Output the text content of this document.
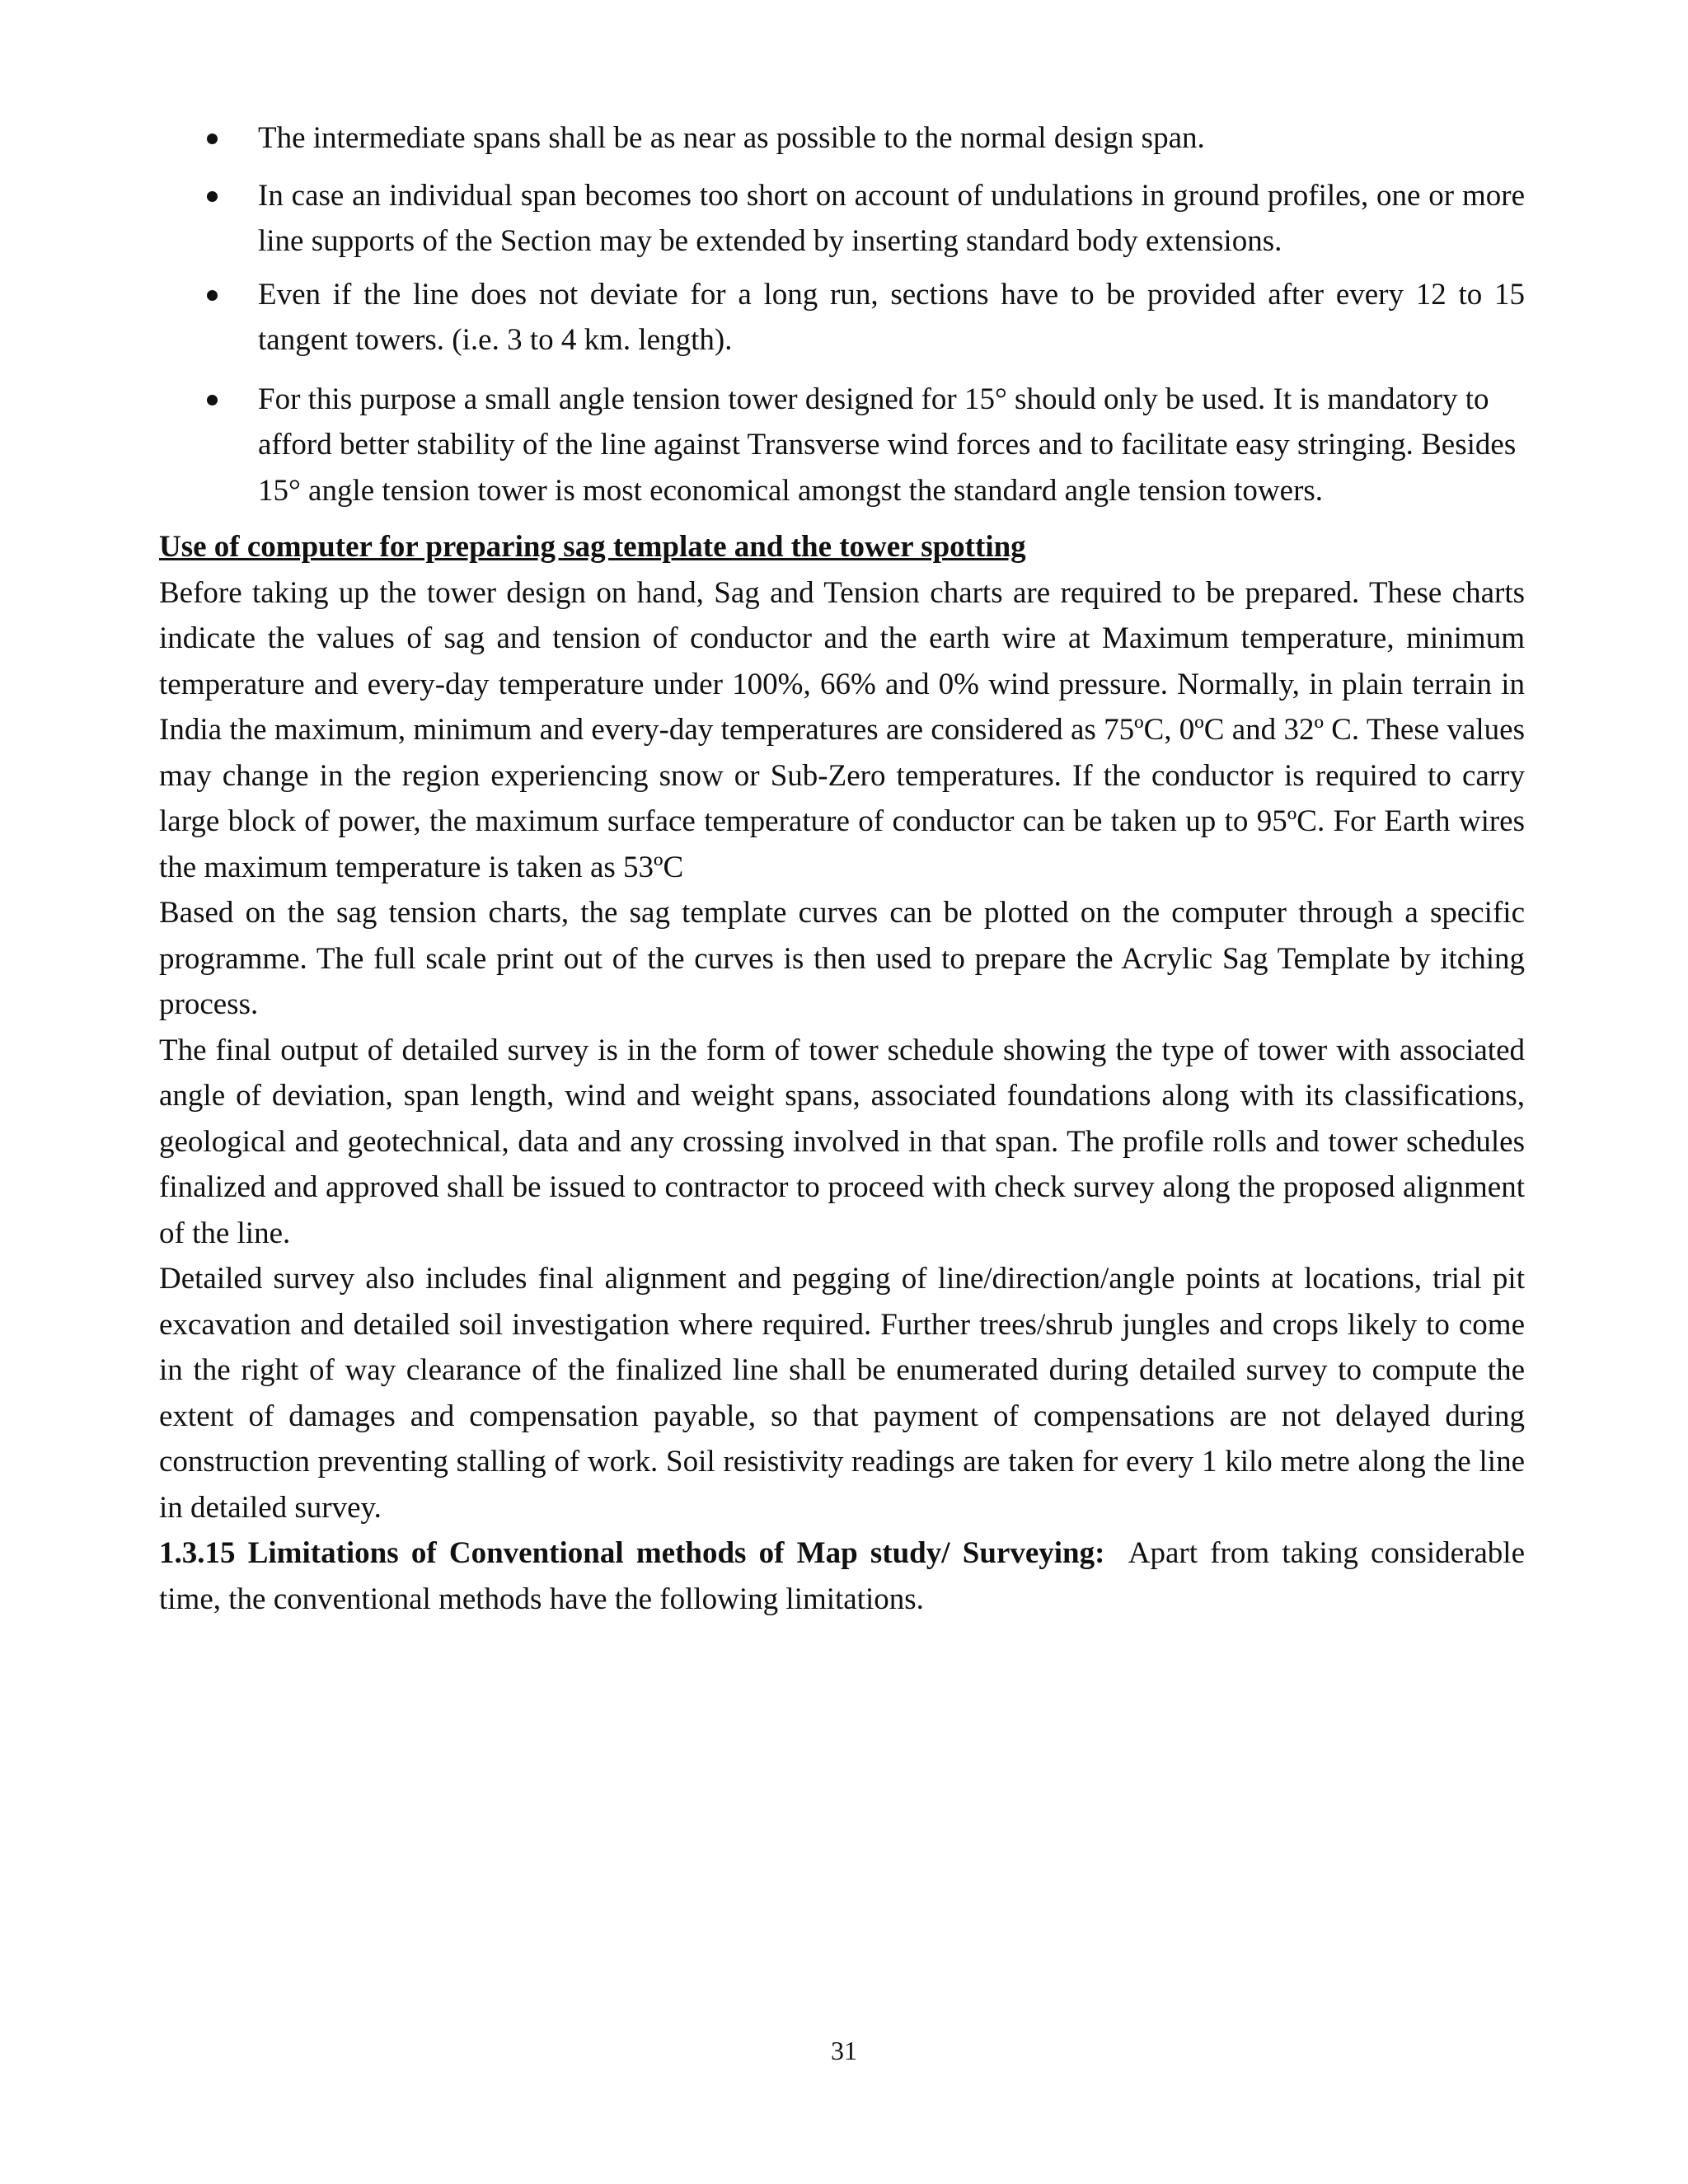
The intermediate spans shall be as near as possible to the normal design span.
In case an individual span becomes too short on account of undulations in ground profiles, one or more line supports of the Section may be extended by inserting standard body extensions.
Even if the line does not deviate for a long run, sections have to be provided after every 12 to 15 tangent towers. (i.e. 3 to 4 km. length).
For this purpose a small angle tension tower designed for 15° should only be used. It is mandatory to afford better stability of the line against Transverse wind forces and to facilitate easy stringing. Besides 15° angle tension tower is most economical amongst the standard angle tension towers.
Use of computer for preparing sag template and the tower spotting

Before taking up the tower design on hand, Sag and Tension charts are required to be prepared. These charts indicate the values of sag and tension of conductor and the earth wire at Maximum temperature, minimum temperature and every-day temperature under 100%, 66% and 0% wind pressure. Normally, in plain terrain in India the maximum, minimum and every-day temperatures are considered as 75ºC, 0ºC and 32º C. These values may change in the region experiencing snow or Sub-Zero temperatures. If the conductor is required to carry large block of power, the maximum surface temperature of conductor can be taken up to 95ºC. For Earth wires the maximum temperature is taken as 53ºC

Based on the sag tension charts, the sag template curves can be plotted on the computer through a specific programme. The full scale print out of the curves is then used to prepare the Acrylic Sag Template by itching process.

The final output of detailed survey is in the form of tower schedule showing the type of tower with associated angle of deviation, span length, wind and weight spans, associated foundations along with its classifications, geological and geotechnical, data and any crossing involved in that span. The profile rolls and tower schedules finalized and approved shall be issued to contractor to proceed with check survey along the proposed alignment of the line.

Detailed survey also includes final alignment and pegging of line/direction/angle points at locations, trial pit excavation and detailed soil investigation where required. Further trees/shrub jungles and crops likely to come in the right of way clearance of the finalized line shall be enumerated during detailed survey to compute the extent of damages and compensation payable, so that payment of compensations are not delayed during construction preventing stalling of work. Soil resistivity readings are taken for every 1 kilo metre along the line in detailed survey.

1.3.15 Limitations of Conventional methods of Map study/ Surveying:  Apart from taking considerable time, the conventional methods have the following limitations.

31
